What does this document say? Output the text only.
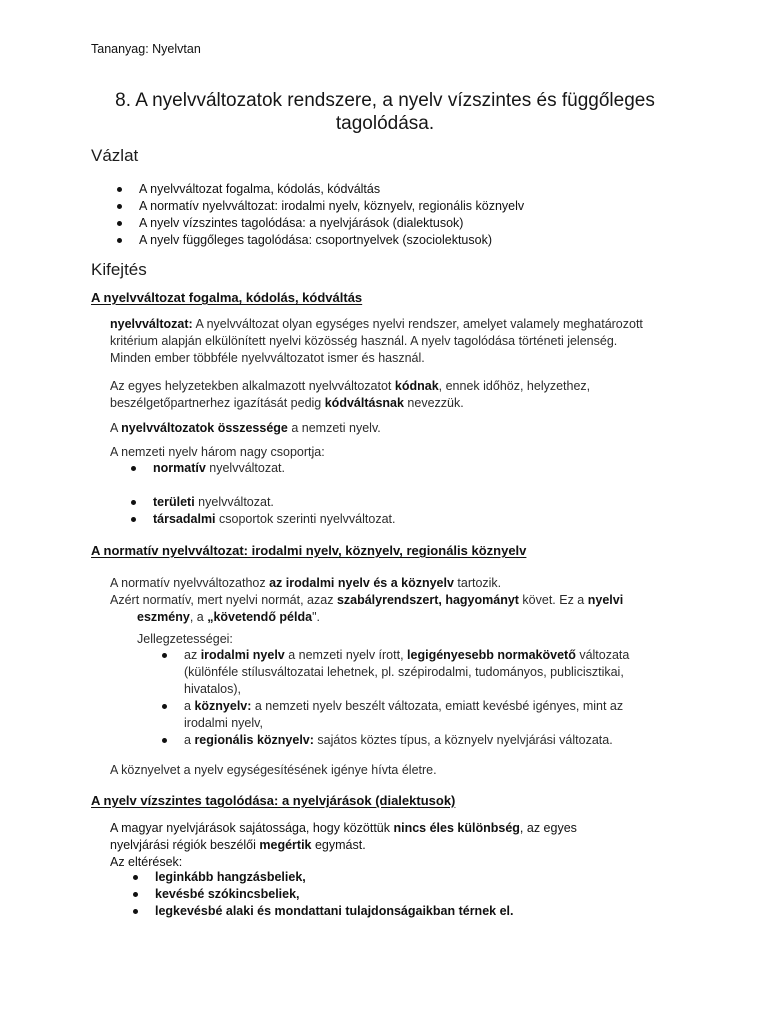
Tananyag: Nyelvtan
8. A nyelvváltozatok rendszere, a nyelv vízszintes és függőleges
tagolódása.
Vázlat
A nyelvváltozat fogalma, kódolás, kódváltás
A normatív nyelvváltozat: irodalmi nyelv, köznyelv, regionális köznyelv
A nyelv vízszintes tagolódása: a nyelvjárások (dialektusok)
A nyelv függőleges tagolódása: csoportnyelvek (szociolektusok)
Kifejtés
A nyelvváltozat fogalma, kódolás, kódváltás
nyelvváltozat: A nyelvváltozat olyan egységes nyelvi rendszer, amelyet valamely meghatározott
kritérium alapján elkülönített nyelvi közösség használ. A nyelv tagolódása történeti jelenség.
Minden ember többféle nyelvváltozatot ismer és használ.
Az egyes helyzetekben alkalmazott nyelvváltozatot kódnak, ennek időhöz, helyzethez,
beszélgetőpartnerhez igazítását pedig kódváltásnak nevezzük.
A nyelvváltozatok összessége a nemzeti nyelv.
A nemzeti nyelv három nagy csoportja:
normatív nyelvváltozat.
területi nyelvváltozat.
társadalmi csoportok szerinti nyelvváltozat.
A normatív nyelvváltozat: irodalmi nyelv, köznyelv, regionális köznyelv
A normatív nyelvváltozathoz az irodalmi nyelv és a köznyelv tartozik.
Azért normatív, mert nyelvi normát, azaz szabályrendszert, hagyományt követ. Ez a nyelvi
eszmény, a „követendő példa".
Jellegzetességei:
az irodalmi nyelv a nemzeti nyelv írott, legigényesebb normakövető változata
(különféle stílusváltozatai lehetnek, pl. szépirodalmi, tudományos, publicisztikai,
hivatalos),
a köznyelv: a nemzeti nyelv beszélt változata, emiatt kevésbé igényes, mint az
irodalmi nyelv,
a regionális köznyelv: sajátos köztes típus, a köznyelv nyelvjárási változata.
A köznyelvet a nyelv egységesítésének igénye hívta életre.
A nyelv vízszintes tagolódása: a nyelvjárások (dialektusok)
A magyar nyelvjárások sajátossága, hogy közöttük nincs éles különbség, az egyes
nyelvjárási régiók beszélői megértik egymást.
Az eltérések:
leginkább hangzásbeliek,
kevésbé szókincsbeliek,
legkevésbé alaki és mondattani tulajdonságaikban térnek el.
